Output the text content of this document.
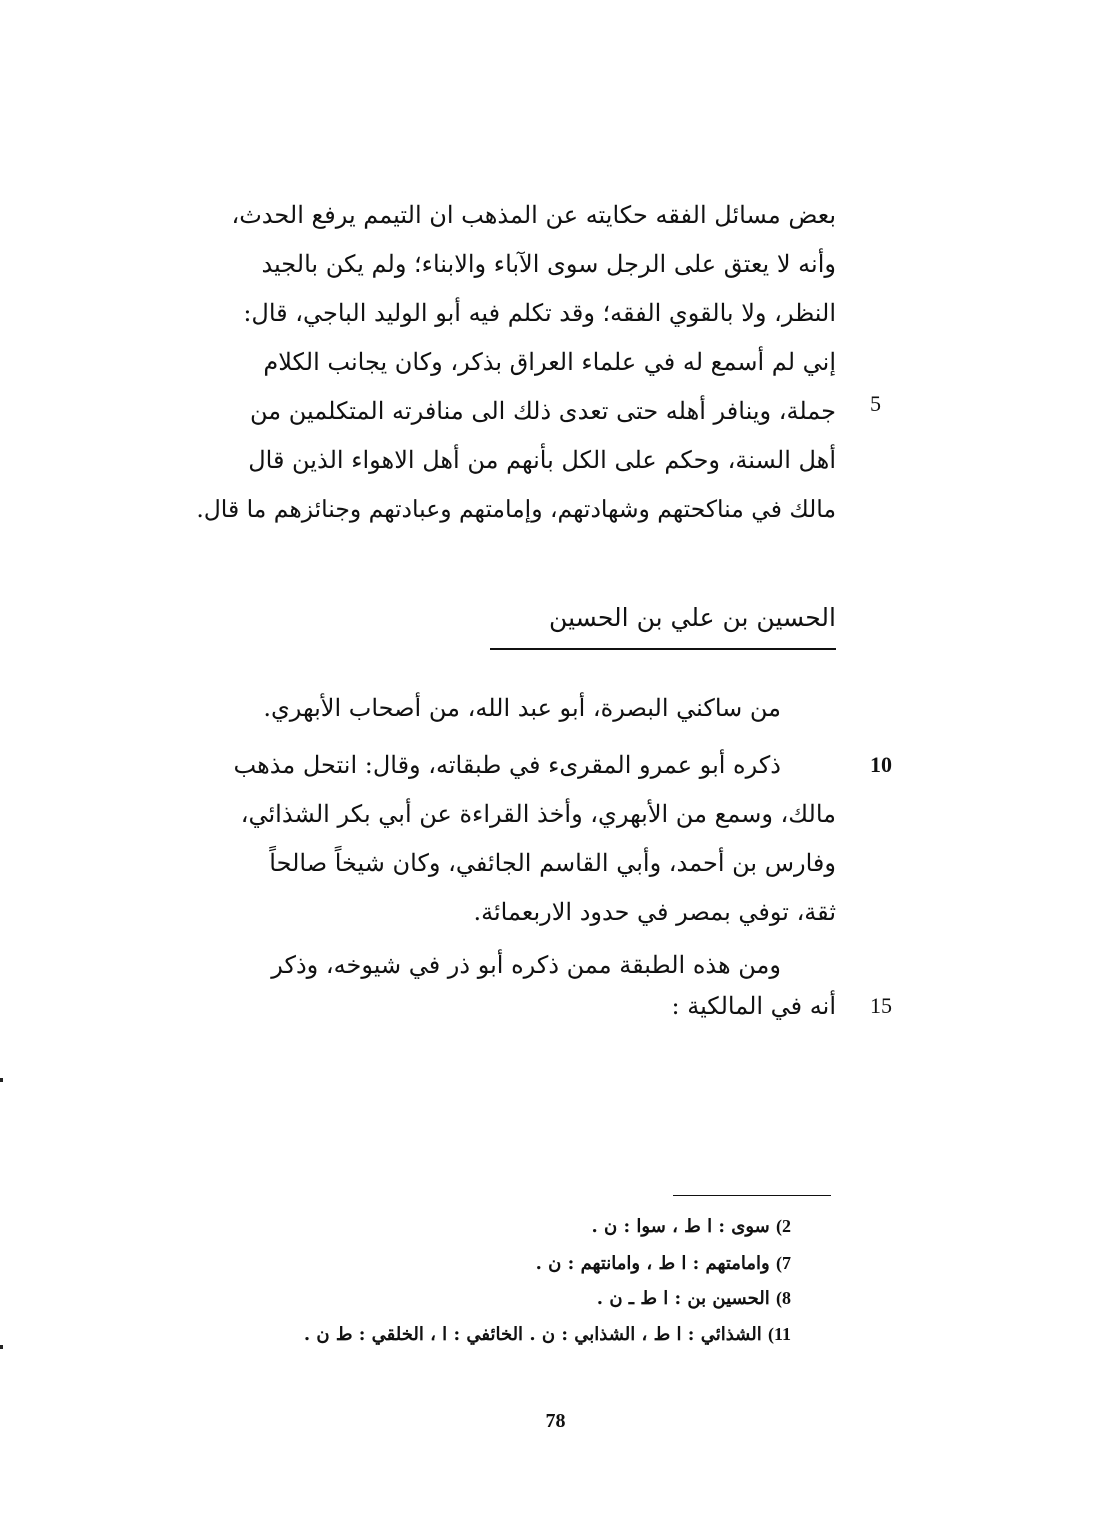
بعض مسائل الفقه حكايته عن المذهب ان التيمم يرفع الحدث،
وأنه لا يعتق على الرجل سوى الآباء والابناء؛ ولم يكن بالجيد
النظر، ولا بالقوي الفقه؛ وقد تكلم فيه أبو الوليد الباجي، قال:
إني لم أسمع له في علماء العراق بذكر، وكان يجانب الكلام
جملة، وينافر أهله حتى تعدى ذلك الى منافرته المتكلمين من
أهل السنة، وحكم على الكل بأنهم من أهل الاهواء الذين قال
مالك في مناكحتهم وشهادتهم، وإمامتهم وعبادتهم وجنائزهم ما قال.
5
الحسين بن علي بن الحسين
من ساكني البصرة، أبو عبد الله، من أصحاب الأبهري.
ذكره أبو عمرو المقرىء في طبقاته، وقال: انتحل مذهب
مالك، وسمع من الأبهري، وأخذ القراءة عن أبي بكر الشذائي،
وفارس بن أحمد، وأبي القاسم الجائفي، وكان شيخاً صالحاً
ثقة، توفي بمصر في حدود الاربعمائة.
10
ومن هذه الطبقة ممن ذكره أبو ذر في شيوخه، وذكر
أنه في المالكية : 15
2) سوى : ا ط ، سوا : ن .
7) وامامتهم : ا ط ، وامانتهم : ن .
8) الحسين بن : ا ط ـ ن .
11) الشذائي : ا ط ، الشذابي : ن . الخائفي : ا ، الخلقي : ط ن .
78
